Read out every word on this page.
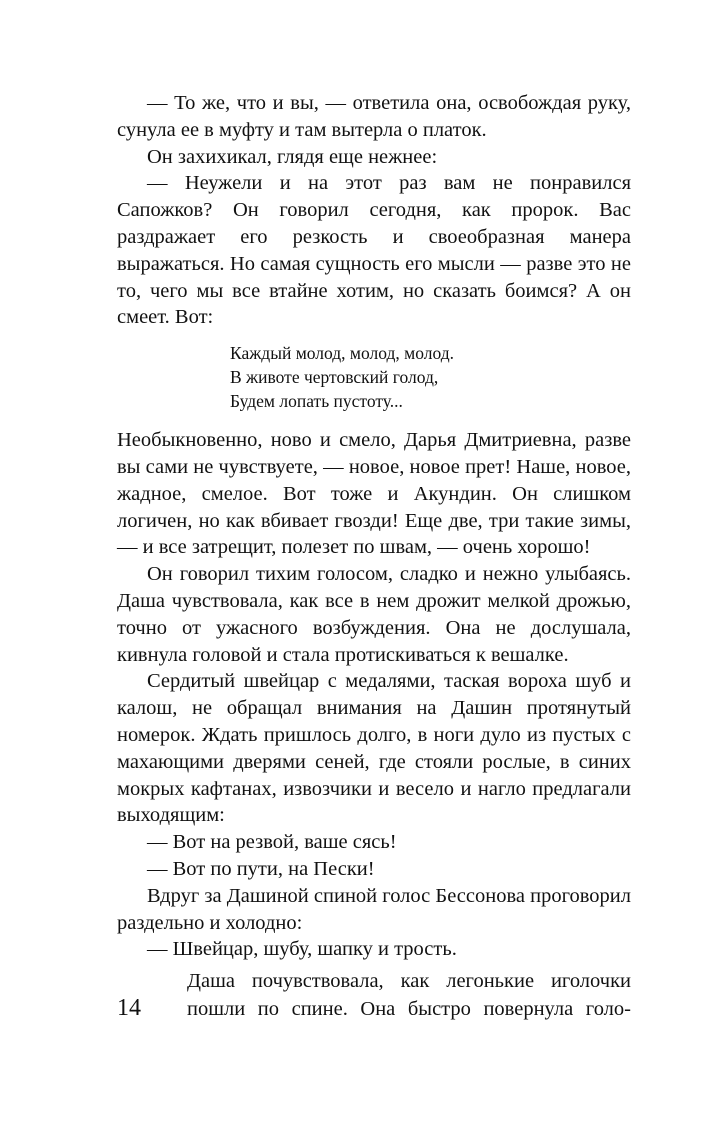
— То же, что и вы, — ответила она, освобождая руку, сунула ее в муфту и там вытерла о платок.

Он захихикал, глядя еще нежнее:

— Неужели и на этот раз вам не понравился Сапожков? Он говорил сегодня, как пророк. Вас раздражает его резкость и своеобразная манера выражаться. Но самая сущность его мысли — разве это не то, чего мы все втайне хотим, но сказать боимся? А он смеет. Вот:

Каждый молод, молод, молод.
В животе чертовский голод,
Будем лопать пустоту...

Необыкновенно, ново и смело, Дарья Дмитриевна, разве вы сами не чувствуете, — новое, новое прет! Наше, новое, жадное, смелое. Вот тоже и Акундин. Он слишком логичен, но как вбивает гвозди! Еще две, три такие зимы, — и все затрещит, полезет по швам, — очень хорошо!

Он говорил тихим голосом, сладко и нежно улыбаясь. Даша чувствовала, как все в нем дрожит мелкой дрожью, точно от ужасного возбуждения. Она не дослушала, кивнула головой и стала протискиваться к вешалке.

Сердитый швейцар с медалями, таская вороха шуб и калош, не обращал внимания на Дашин протянутый номерок. Ждать пришлось долго, в ноги дуло из пустых с махающими дверями сеней, где стояли рослые, в синих мокрых кафтанах, извозчики и весело и нагло предлагали выходящим:

— Вот на резвой, ваше сясь!

— Вот по пути, на Пески!

Вдруг за Дашиной спиной голос Бессонова проговорил раздельно и холодно:

— Швейцар, шубу, шапку и трость.

Даша почувствовала, как легонькие иголочки
14	пошли по спине. Она быстро повернула голо-
